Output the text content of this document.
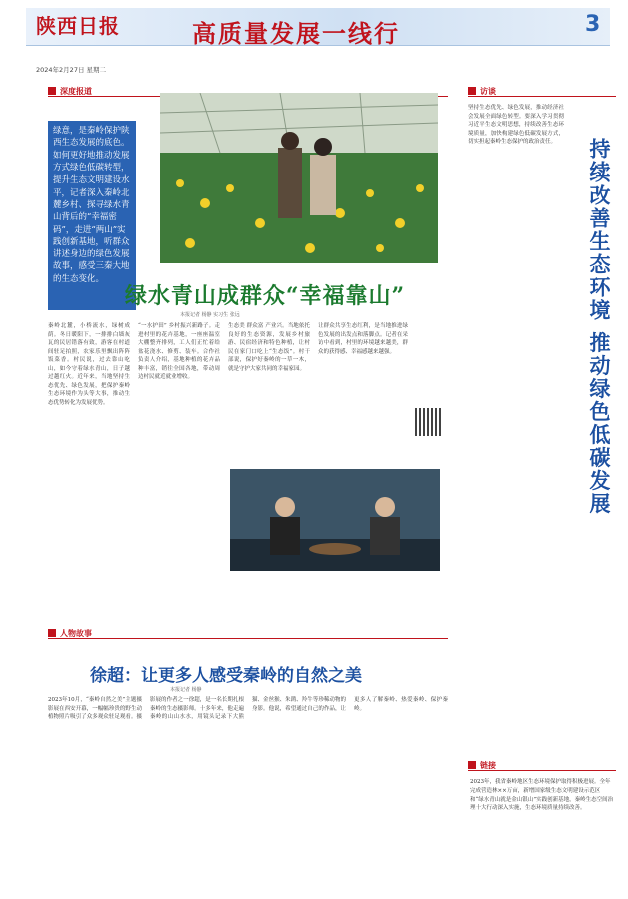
陕西日报	高质量发展一线行	3
2024年2月27日 星期二
深度报道	访谈
绿意，是秦岭保护陕西生态发展的底色。如何更好地推动发展方式绿色低碳转型，提升生态文明建设水平，记者深入秦岭北麓乡村、探寻绿水青山背后的“幸福密码”，走进“两山”实践创新基地，听群众讲述身边的绿色发展故事，感受三秦大地的生态变化。
绿水青山成群众“幸福靠山”
本报记者 杨静 实习生 张远
秦岭北麓，小桥流水，绿树成荫。冬日暖阳下，一排排白墙灰瓦的民居错落有致，游客在村道间驻足拍照，农家乐里飘出阵阵饭菜香。村民说，过去靠山吃山，如今守着绿水青山，日子越过越红火。近年来，当地坚持生态优先、绿色发展，把保护秦岭生态环境作为头等大事，推动生态优势转化为发展优势。
“一水护田” 乡村振兴新路子。走进村里的花卉基地，一座座温室大棚整齐排列，工人们正忙着给盆花浇水、修剪、装车。合作社负责人介绍，基地种植的花卉品种丰富，销往全国各地，带动周边村民就近就业增收。
生态美 群众富 产业兴。当地依托良好的生态资源，发展乡村旅游、民宿经济和特色种植，让村民在家门口吃上“生态饭”。村干部说，保护好秦岭的一草一木，就是守护大家共同的幸福家园。
让群众共享生态红利，是当地推进绿色发展的出发点和落脚点。记者在采访中看到，村里的环境越来越美，群众的获得感、幸福感越来越强。
坚持生态优先、绿色发展，推动经济社会发展全面绿色转型。要深入学习贯彻习近平生态文明思想，持续改善生态环境质量，加快构建绿色低碳发展方式，切实担起秦岭生态保护的政治责任。	持续改善生态环境 推动绿色低碳发展
人物故事
徐超：让更多人感受秦岭的自然之美
本报记者 杨静
2023年10月，“秦岭自然之美”主题摄影展在西安开幕，一幅幅珍贵的野生动植物照片吸引了众多观众驻足观看。摄影展的作者之一徐超，是一名长期扎根秦岭的生态摄影师。十多年来，他走遍秦岭的山山水水，用镜头记录下大熊猫、金丝猴、朱鹮、羚牛等珍稀动物的身影。他说，希望通过自己的作品，让更多人了解秦岭、热爱秦岭、保护秦岭。
链接
2023年，我省秦岭地区生态环境保护取得积极进展。全年完成营造林××万亩，新增国家级生态文明建设示范区和“绿水青山就是金山银山”实践创新基地，秦岭生态空间治理十大行动深入实施，生态环境质量持续改善。
